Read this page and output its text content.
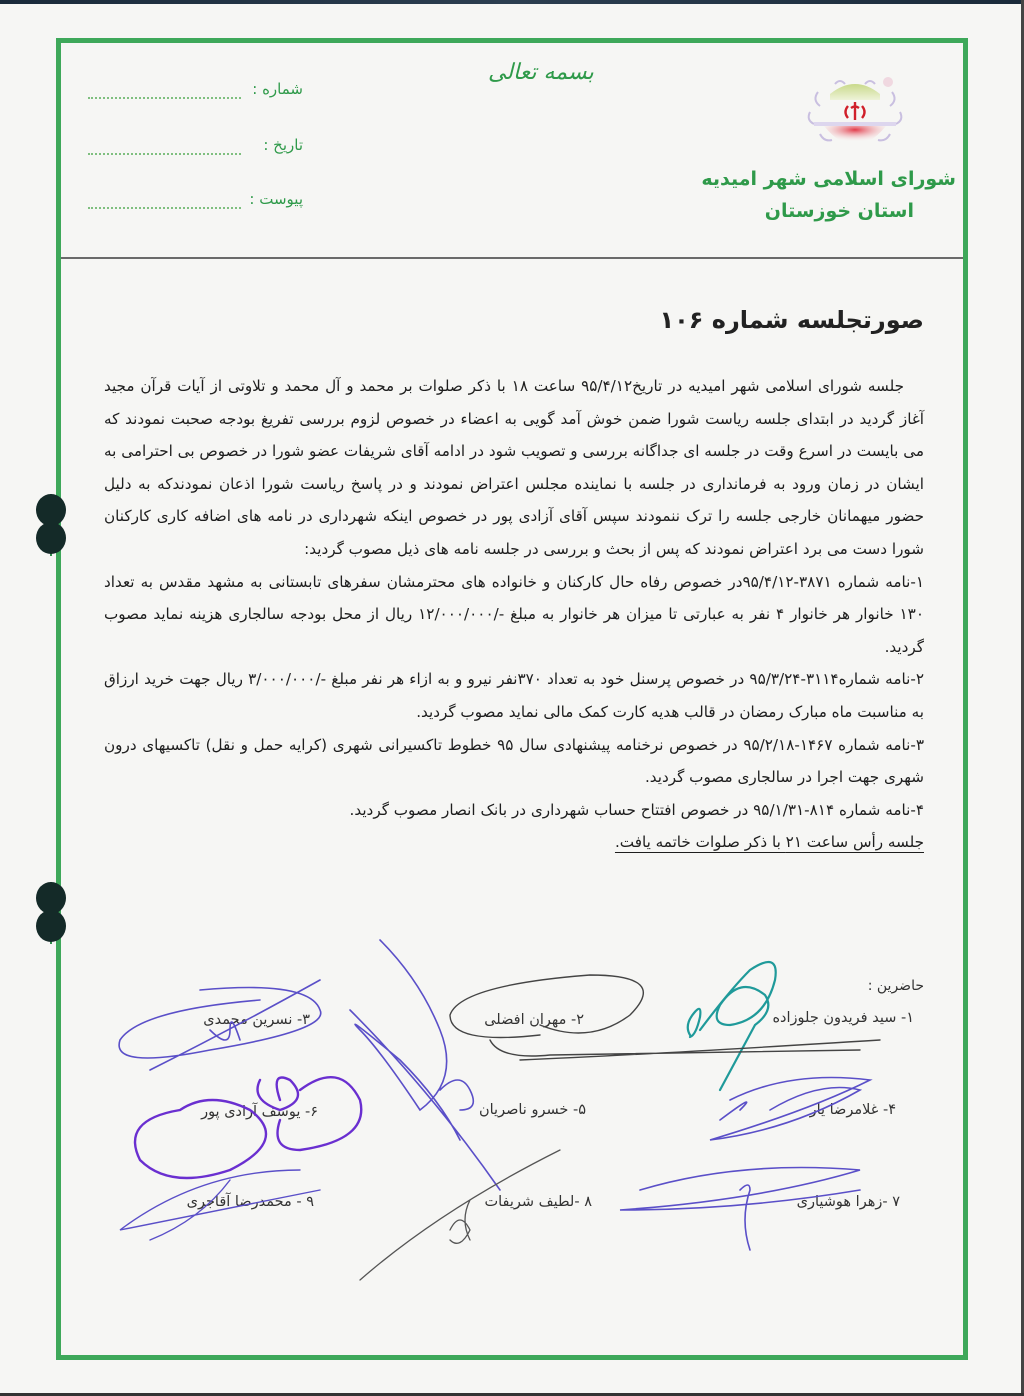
بسمه تعالی
شماره :
تاریخ :
پیوست :
شورای اسلامی شهر امیدیه
استان خوزستان
صورتجلسه شماره ۱۰۶

جلسه شورای اسلامی شهر امیدیه در تاریخ۹۵/۴/۱۲ ساعت ۱۸ با ذکر صلوات بر محمد و آل محمد و تلاوتی از آیات قرآن مجید آغاز گردید در ابتدای جلسه ریاست شورا ضمن خوش آمد گویی به اعضاء در خصوص لزوم بررسی تفریغ بودجه صحبت نمودند که می بایست در اسرع وقت در جلسه ای جداگانه بررسی و تصویب شود در ادامه آقای شریفات عضو شورا در خصوص بی احترامی به ایشان در زمان ورود به فرمانداری در جلسه با نماینده مجلس اعتراض نمودند و در پاسخ ریاست شورا اذعان نمودندکه به دلیل حضور میهمانان خارجی جلسه را ترک ننمودند سپس آقای آزادی پور در خصوص اینکه شهرداری در نامه های اضافه کاری کارکنان شورا دست می برد اعتراض نمودند که پس از بحث و بررسی در جلسه نامه های ذیل مصوب گردید:

۱-نامه شماره ۳۸۷۱-۹۵/۴/۱۲در خصوص رفاه حال کارکنان و خانواده های محترمشان سفرهای تابستانی به مشهد مقدس به تعداد ۱۳۰ خانوار هر خانوار ۴ نفر به عبارتی تا میزان هر خانوار به مبلغ -/۱۲/۰۰۰/۰۰۰ ریال از محل بودجه سالجاری هزینه نماید مصوب گردید.

۲-نامه شماره۳۱۱۴-۹۵/۳/۲۴ در خصوص پرسنل خود به تعداد ۳۷۰نفر نیرو و به ازاء هر نفر مبلغ -/۳/۰۰۰/۰۰۰ ریال جهت خرید ارزاق به مناسبت ماه مبارک رمضان در قالب هدیه کارت کمک مالی نماید مصوب گردید.

۳-نامه شماره ۱۴۶۷-۹۵/۲/۱۸ در خصوص نرخنامه پیشنهادی سال ۹۵ خطوط تاکسیرانی شهری (کرایه حمل و نقل) تاکسیهای درون شهری جهت اجرا در سالجاری مصوب گردید.

۴-نامه شماره ۸۱۴-۹۵/۱/۳۱ در خصوص افتتاح حساب شهرداری در بانک انصار مصوب گردید.

جلسه رأس ساعت ۲۱ با ذکر صلوات خاتمه یافت.

حاضرین :
۱- سید فریدون جلوزاده
۲- مهران افضلی
۳- نسرین محمدی
۴- غلامرضا یار
۵- خسرو ناصریان
۶- یوسف آزادی پور
۷ -زهرا هوشیاری
۸ -لطیف شریفات
۹ - محمدرضا آقاجری
